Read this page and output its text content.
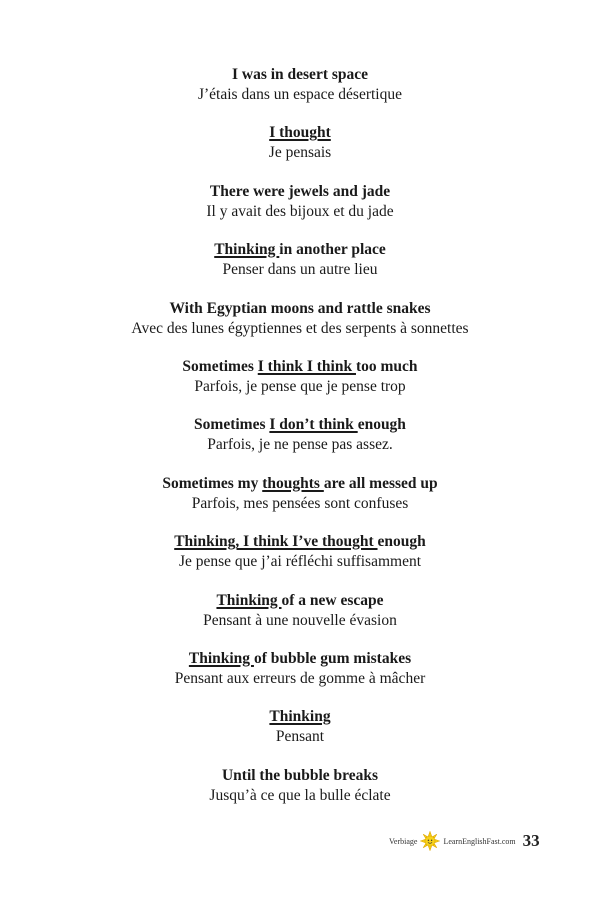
I was in desert space
J’étais dans un espace désertique
I thought
Je pensais
There were jewels and jade
Il y avait des bijoux et du jade
Thinking in another place
Penser dans un autre lieu
With Egyptian moons and rattle snakes
Avec des lunes égyptiennes et des serpents à sonnettes
Sometimes I think I think too much
Parfois, je pense que je pense trop
Sometimes I don’t think enough
Parfois, je ne pense pas assez.
Sometimes my thoughts are all messed up
Parfois, mes pensées sont confuses
Thinking, I think I’ve thought enough
Je pense que j’ai réfléchi suffisamment
Thinking of a new escape
Pensant à une nouvelle évasion
Thinking of bubble gum mistakes
Pensant aux erreurs de gomme à mâcher
Thinking
Pensant
Until the bubble breaks
Jusqu’à ce que la bulle éclate
Verbiage	LearnEnglishFast.com 33
